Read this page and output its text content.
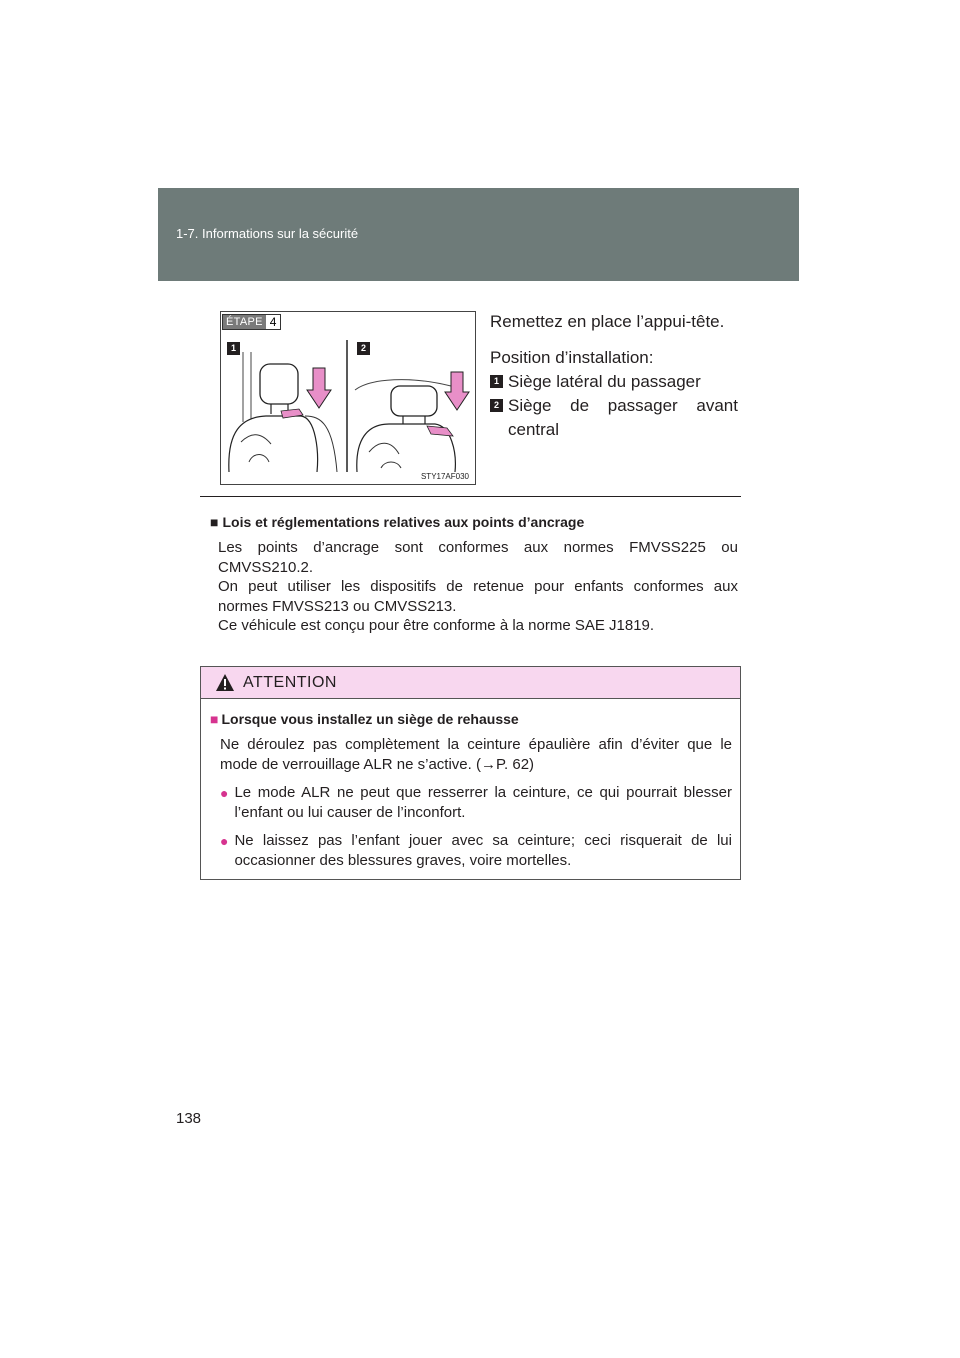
1-7. Informations sur la sécurité
ÉTAPE 4
1	2
STY17AF030
Remettez en place l’appui-tête.
Position d’installation:
1 Siège latéral du passager
2 Siège de passager avant central
■ Lois et réglementations relatives aux points d’ancrage
Les points d’ancrage sont conformes aux normes FMVSS225 ou
CMVSS210.2.
On peut utiliser les dispositifs de retenue pour enfants conformes aux
normes FMVSS213 ou CMVSS213.
Ce véhicule est conçu pour être conforme à la norme SAE J1819.
ATTENTION
■ Lorsque vous installez un siège de rehausse
Ne déroulez pas complètement la ceinture épaulière afin d’éviter que le mode de verrouillage ALR ne s’active. (→P. 62)
● Le mode ALR ne peut que resserrer la ceinture, ce qui pourrait blesser l’enfant ou lui causer de l’inconfort.
● Ne laissez pas l’enfant jouer avec sa ceinture; ceci risquerait de lui occasionner des blessures graves, voire mortelles.
138
